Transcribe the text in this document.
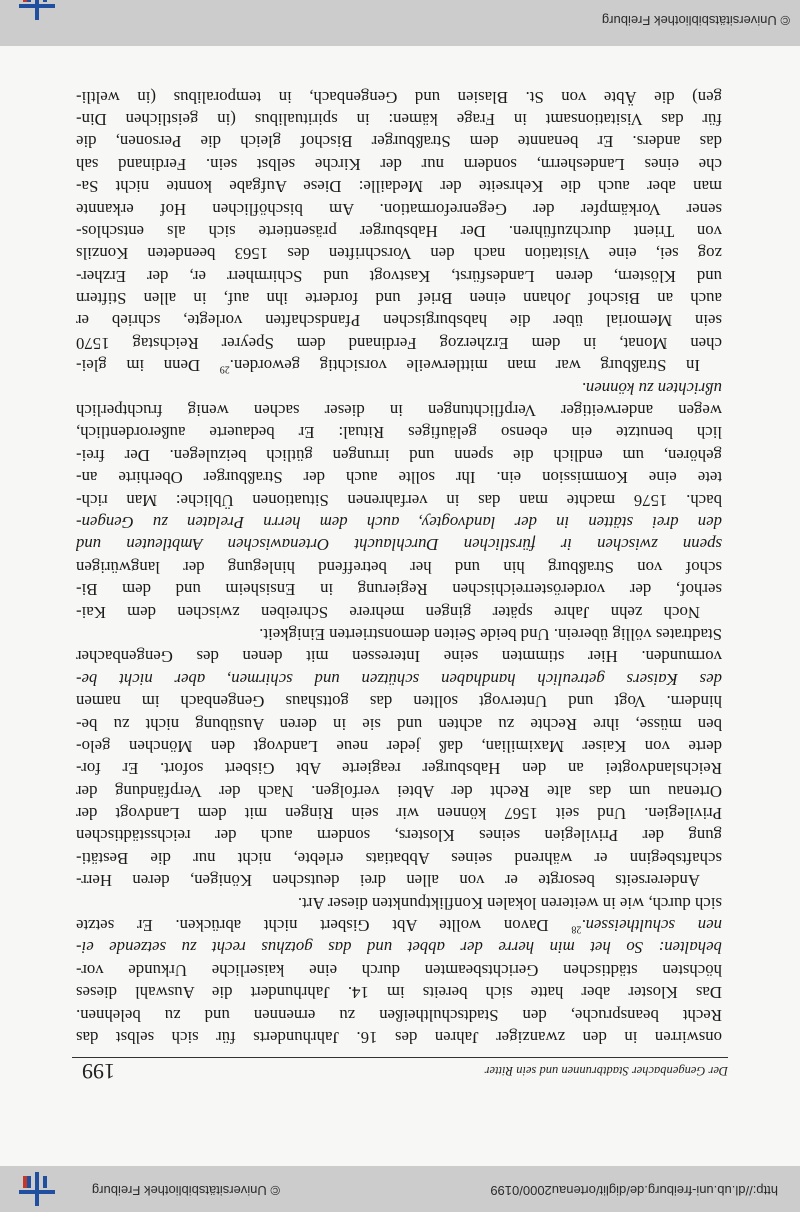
http://dl.ub.uni-freiburg.de/diglit/ortenau2000/0199
© Universitätsbibliothek Freiburg
Der Gengenbacher Stadtbrunnen und sein Ritter
199
onswirren in den zwanziger Jahren des 16. Jahrhunderts für sich selbst das
Recht beanspruche, den Stadtschultheißen zu ernennen und zu belehnen.
Das Kloster aber hatte sich bereits im 14. Jahrhundert die Auswahl dieses
höchsten städtischen Gerichtsbeamten durch eine kaiserliche Urkunde vor-
behalten: So het min herre der abbet und das gotzhus recht zu setzende ei-
nen schultheissen.$^{28}$ Davon wollte Abt Gisbert nicht abrücken. Er setzte
sich durch, wie in weiteren lokalen Konfliktpunkten dieser Art.
Andererseits besorgte er von allen drei deutschen Königen, deren Herr-
schaftsbeginn er während seines Abbatiats erlebte, nicht nur die Bestäti-
gung der Privilegien seines Klosters, sondern auch der reichsstädtischen
Privilegien. Und seit 1567 können wir sein Ringen mit dem Landvogt der
Ortenau um das alte Recht der Abtei verfolgen. Nach der Verpfändung der
Reichslandvogtei an den Habsburger reagierte Abt Gisbert sofort. Er for-
derte von Kaiser Maximilian, daß jeder neue Landvogt den Mönchen gelo-
ben müsse, ihre Rechte zu achten und sie in deren Ausübung nicht zu be-
hindern. Vogt und Untervogt sollten das gottshaus Gengenbach im namen
des Kaisers getreulich handhaben schützen und schirmen, aber nicht be-
vormunden. Hier stimmten seine Interessen mit denen des Gengenbacher
Stadtrates völlig überein. Und beide Seiten demonstrierten Einigkeit.
Noch zehn Jahre später gingen mehrere Schreiben zwischen dem Kai-
serhof, der vorderösterreichischen Regierung in Ensisheim und dem Bi-
schof von Straßburg hin und her betreffend hinlegung der langwürigen
spenn zwischen ir fürstlichen Durchlaucht Ortenawischen Ambtleuten und
den drei stätten in der landvogtey, auch dem herrn Prelaten zu Gengen-
bach. 1576 machte man das in verfahrenen Situationen Übliche: Man rich-
tete eine Kommission ein. Ihr sollte auch der Straßburger Oberhirte an-
gehören, um endlich die spenn und irrungen gütlich beizulegen. Der frei-
lich benutzte ein ebenso geläufiges Ritual: Er bedauerte außerordentlich,
wegen anderweitiger Verpflichtungen in dieser sachen wenig fruchtperlich
ußrichten zu können.
In Straßburg war man mittlerweile vorsichtig geworden.$^{29}$ Denn im glei-
chen Monat, in dem Erzherzog Ferdinand dem Speyrer Reichstag 1570
sein Memorial über die habsburgischen Pfandschaften vorlegte, schrieb er
auch an Bischof Johann einen Brief und forderte ihn auf, in allen Stiftern
und Klöstern, deren Landesfürst, Kastvogt und Schirmherr er, der Erzher-
zog sei, eine Visitation nach den Vorschriften des 1563 beendeten Konzils
von Trient durchzuführen. Der Habsburger präsentierte sich als entschlos-
sener Vorkämpfer der Gegenreformation. Am bischöflichen Hof erkannte
man aber auch die Kehrseite der Medaille: Diese Aufgabe konnte nicht Sa-
che eines Landesherrn, sondern nur der Kirche selbst sein. Ferdinand sah
das anders. Er benannte dem Straßburger Bischof gleich die Personen, die
für das Visitationsamt in Frage kämen: in spiritualibus (in geistlichen Din-
gen) die Äbte von St. Blasien und Gengenbach, in temporalibus (in weltli-
© Universitätsbibliothek Freiburg
